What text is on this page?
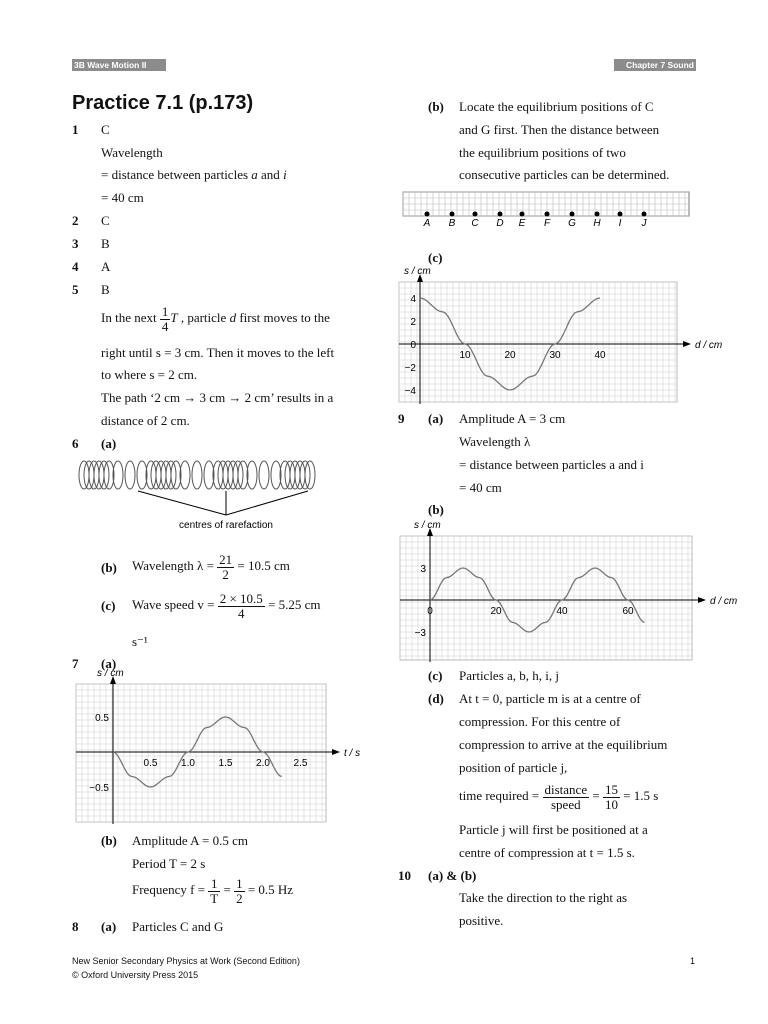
3B Wave Motion II	Chapter 7 Sound
Practice 7.1 (p.173)
1 C
Wavelength
= distance between particles a and i
= 40 cm
2 C
3 B
4 A
5 B
In the next $\frac{1}{4}$ T , particle d first moves to the
right until s = 3 cm. Then it moves to the left
to where s = 2 cm.
The path ‘2 cm → 3 cm → 2 cm’ results in a
distance of 2 cm.
6 (a)
centres of rarefaction
(b) Wavelength $\lambda = \frac{21}{2} = 10.5$ cm
(c) Wave speed $v = \frac{2 \times 10.5}{4} = 5.25$ cm
s⁻¹
7 (a)
s / cm
t / s
0.5 1.0 1.5 2.0 2.5
0.5
−0.5
(b) Amplitude A = 0.5 cm
Period T = 2 s
Frequency $f = \frac{1}{T} = \frac{1}{2} = 0.5$ Hz
8 (a) Particles C and G
(b) Locate the equilibrium positions of C
and G first. Then the distance between
the equilibrium positions of two
consecutive particles can be determined.
A B C D E F G H I J
(c)
s / cm
d / cm
10	20	30	40
4
2
0
−2
−4
9 (a) Amplitude A = 3 cm
Wavelength λ
= distance between particles a and i
= 40 cm
(b)
s / cm
d / cm
0	20	40	60
3
−3
(c) Particles a, b, h, i, j
(d) At t = 0, particle m is at a centre of
compression. For this centre of
compression to arrive at the equilibrium
position of particle j,
time required = $\frac{\text{distance}}{\text{speed}} = \frac{15}{10} = 1.5$ s
Particle j will first be positioned at a
centre of compression at t = 1.5 s.
10 (a) & (b)
Take the direction to the right as
positive.
New Senior Secondary Physics at Work (Second Edition)
© Oxford University Press 2015
1
